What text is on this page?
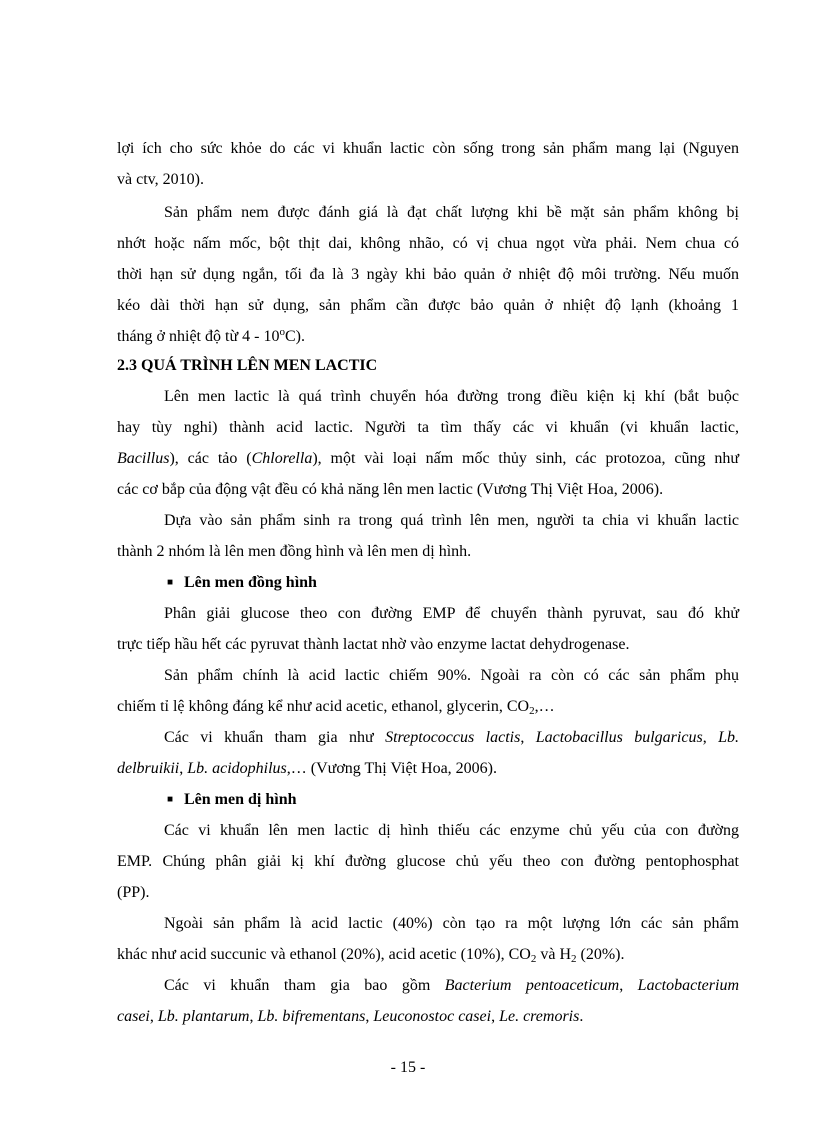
lợi ích cho sức khỏe do các vi khuẩn lactic còn sống trong sản phẩm mang lại (Nguyen
và ctv, 2010).
Sản phẩm nem được đánh giá là đạt chất lượng khi bề mặt sản phẩm không bị
nhớt hoặc nấm mốc, bột thịt dai, không nhão, có vị chua ngọt vừa phải. Nem chua có
thời hạn sử dụng ngắn, tối đa là 3 ngày khi bảo quản ở nhiệt độ môi trường. Nếu muốn
kéo dài thời hạn sử dụng, sản phẩm cần được bảo quản ở nhiệt độ lạnh (khoảng 1
tháng ở nhiệt độ từ 4 - 10$^o$C).
2.3 QUÁ TRÌNH LÊN MEN LACTIC
Lên men lactic là quá trình chuyển hóa đường trong điều kiện kị khí (bắt buộc
hay tùy nghi) thành acid lactic. Người ta tìm thấy các vi khuẩn (vi khuẩn lactic,
Bacillus), các tảo (Chlorella), một vài loại nấm mốc thủy sinh, các protozoa, cũng như
các cơ bắp của động vật đều có khả năng lên men lactic (Vương Thị Việt Hoa, 2006).
Dựa vào sản phẩm sinh ra trong quá trình lên men, người ta chia vi khuẩn lactic
thành 2 nhóm là lên men đồng hình và lên men dị hình.
■ Lên men đồng hình
Phân giải glucose theo con đường EMP để chuyển thành pyruvat, sau đó khử
trực tiếp hầu hết các pyruvat thành lactat nhờ vào enzyme lactat dehydrogenase.
Sản phẩm chính là acid lactic chiếm 90%. Ngoài ra còn có các sản phẩm phụ
chiếm tỉ lệ không đáng kể như acid acetic, ethanol, glycerin, $CO_2,\dots$
Các vi khuẩn tham gia như Streptococcus lactis, Lactobacillus bulgaricus, Lb.
delbruikii, Lb. acidophilus,… (Vương Thị Việt Hoa, 2006).
■ Lên men dị hình
Các vi khuẩn lên men lactic dị hình thiếu các enzyme chủ yếu của con đường
EMP. Chúng phân giải kị khí đường glucose chủ yếu theo con đường pentophosphat
(PP).
Ngoài sản phẩm là acid lactic (40%) còn tạo ra một lượng lớn các sản phẩm
khác như acid succunic và ethanol (20%), acid acetic (10%), $CO_2$ và $H_2$ (20%).
Các vi khuẩn tham gia bao gồm Bacterium pentoaceticum, Lactobacterium
casei, Lb. plantarum, Lb. bifrementans, Leuconostoc casei, Le. cremoris.
- 15 -
